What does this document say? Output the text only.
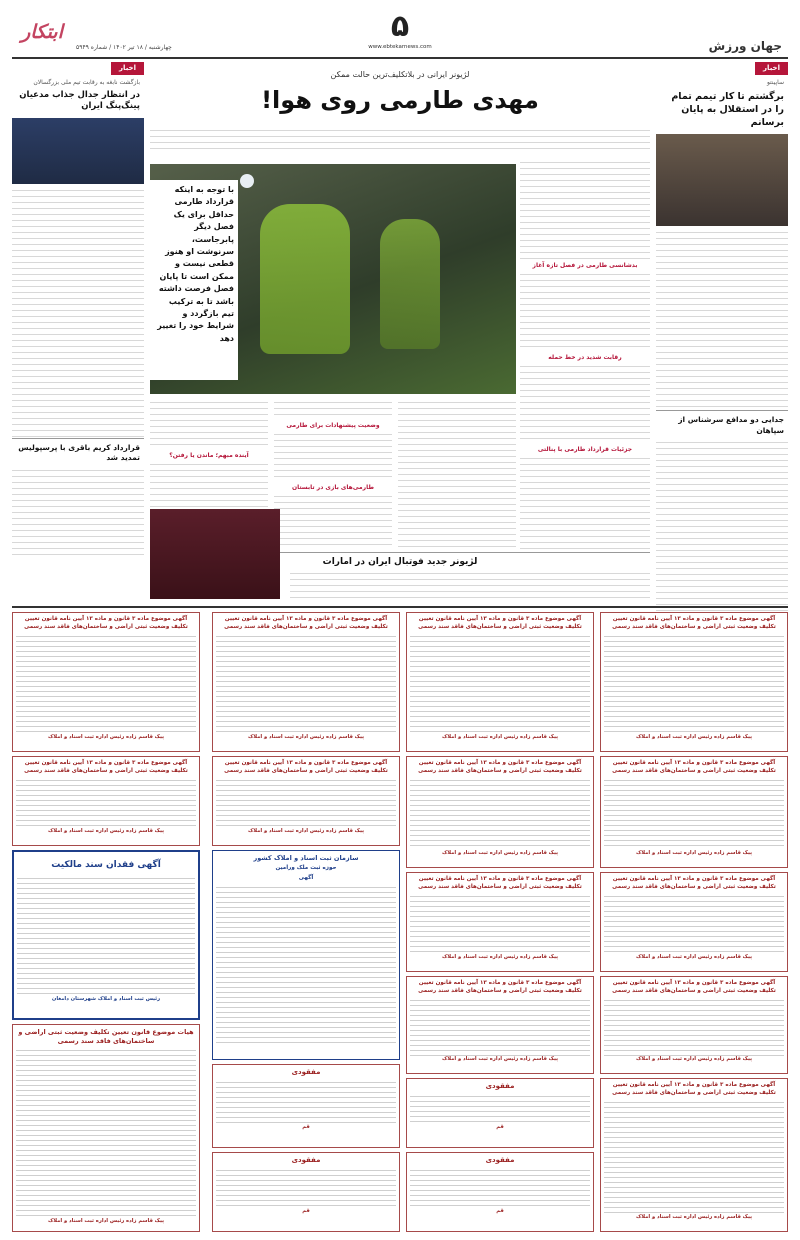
جهان ورزش
۵
www.ebtekarnews.com
ابتکار
چهارشنبه / ۱۸ تیر ۱۴۰۲ / شماره ۵۹۴۹
اخبار
ساپینتو
برگشتم تا کار تیمم تمام را در استقلال به پایان برسانم
جدایی دو مدافع سرشناس از سپاهان
اخبار
بازگشت نابغه به رقابت تیم ملی بزرگسالان
در انتظار جدال جذاب مدعیان پینگ‌پنگ ایران
قرارداد کریم باقری با پرسپولیس تمدید شد
لژیونر ایرانی در بلاتکلیف‌ترین حالت ممکن
مهدی طارمی روی هوا!
بدشانسی طارمی در فصل تازه آغاز
رقابت شدید در خط حمله
جزئیات قرارداد طارمی با پنالتی
با توجه به اینکه قرارداد طارمی حداقل برای یک فصل دیگر پابرجاست، سرنوشت او هنوز قطعی نیست و ممکن است تا پایان فصل فرصت داشته باشد تا به ترکیب تیم بازگردد و شرایط خود را تغییر دهد
وضعیت پیشنهادات برای طارمی
طارمی‌های بازی در تابستان
آینده مبهم؛ ماندن یا رفتن؟
لژیونر جدید فوتبال ایران در امارات
آگهی موضوع ماده ۳ قانون و ماده ۱۳ آیین نامه قانون تعیین تکلیف وضعیت ثبتی اراضی و ساختمان‌های فاقد سند رسمی
پیک قاسم زاده رئیس اداره ثبت اسناد و املاک
آگهی موضوع ماده ۳ قانون و ماده ۱۳ آیین نامه قانون تعیین تکلیف وضعیت ثبتی اراضی و ساختمان‌های فاقد سند رسمی
پیک قاسم زاده رئیس اداره ثبت اسناد و املاک
آگهی موضوع ماده ۳ قانون و ماده ۱۳ آیین نامه قانون تعیین تکلیف وضعیت ثبتی اراضی و ساختمان‌های فاقد سند رسمی
پیک قاسم زاده رئیس اداره ثبت اسناد و املاک
آگهی موضوع ماده ۳ قانون و ماده ۱۳ آیین نامه قانون تعیین تکلیف وضعیت ثبتی اراضی و ساختمان‌های فاقد سند رسمی
پیک قاسم زاده رئیس اداره ثبت اسناد و املاک
آگهی موضوع ماده ۳ قانون و ماده ۱۳ آیین نامه قانون تعیین تکلیف وضعیت ثبتی اراضی و ساختمان‌های فاقد سند رسمی
پیک قاسم زاده رئیس اداره ثبت اسناد و املاک
آگهی موضوع ماده ۳ قانون و ماده ۱۳ آیین نامه قانون تعیین تکلیف وضعیت ثبتی اراضی و ساختمان‌های فاقد سند رسمی
پیک قاسم زاده رئیس اداره ثبت اسناد و املاک
آگهی موضوع ماده ۳ قانون و ماده ۱۳ آیین نامه قانون تعیین تکلیف وضعیت ثبتی اراضی و ساختمان‌های فاقد سند رسمی
پیک قاسم زاده رئیس اداره ثبت اسناد و املاک
آگهی موضوع ماده ۳ قانون و ماده ۱۳ آیین نامه قانون تعیین تکلیف وضعیت ثبتی اراضی و ساختمان‌های فاقد سند رسمی
پیک قاسم زاده رئیس اداره ثبت اسناد و املاک
آگهی موضوع ماده ۳ قانون و ماده ۱۳ آیین نامه قانون تعیین تکلیف وضعیت ثبتی اراضی و ساختمان‌های فاقد سند رسمی
پیک قاسم زاده رئیس اداره ثبت اسناد و املاک
مفقودی
قم
مفقودی
قم
آگهی موضوع ماده ۳ قانون و ماده ۱۳ آیین نامه قانون تعیین تکلیف وضعیت ثبتی اراضی و ساختمان‌های فاقد سند رسمی
پیک قاسم زاده رئیس اداره ثبت اسناد و املاک
آگهی موضوع ماده ۳ قانون و ماده ۱۳ آیین نامه قانون تعیین تکلیف وضعیت ثبتی اراضی و ساختمان‌های فاقد سند رسمی
پیک قاسم زاده رئیس اداره ثبت اسناد و املاک
سازمان ثبت اسناد و املاک کشور
حوزه ثبت ملک ورامین
آگهی
مفقودی
قم
مفقودی
قم
آگهی موضوع ماده ۳ قانون و ماده ۱۳ آیین نامه قانون تعیین تکلیف وضعیت ثبتی اراضی و ساختمان‌های فاقد سند رسمی
پیک قاسم زاده رئیس اداره ثبت اسناد و املاک
آگهی موضوع ماده ۳ قانون و ماده ۱۳ آیین نامه قانون تعیین تکلیف وضعیت ثبتی اراضی و ساختمان‌های فاقد سند رسمی
پیک قاسم زاده رئیس اداره ثبت اسناد و املاک
آگهی فقدان سند مالکیت
رئیس ثبت اسناد و املاک شهرستان دامغان
هیات موضوع قانون تعیین تکلیف وضعیت ثبتی اراضی و ساختمان‌های فاقد سند رسمی
پیک قاسم زاده رئیس اداره ثبت اسناد و املاک
